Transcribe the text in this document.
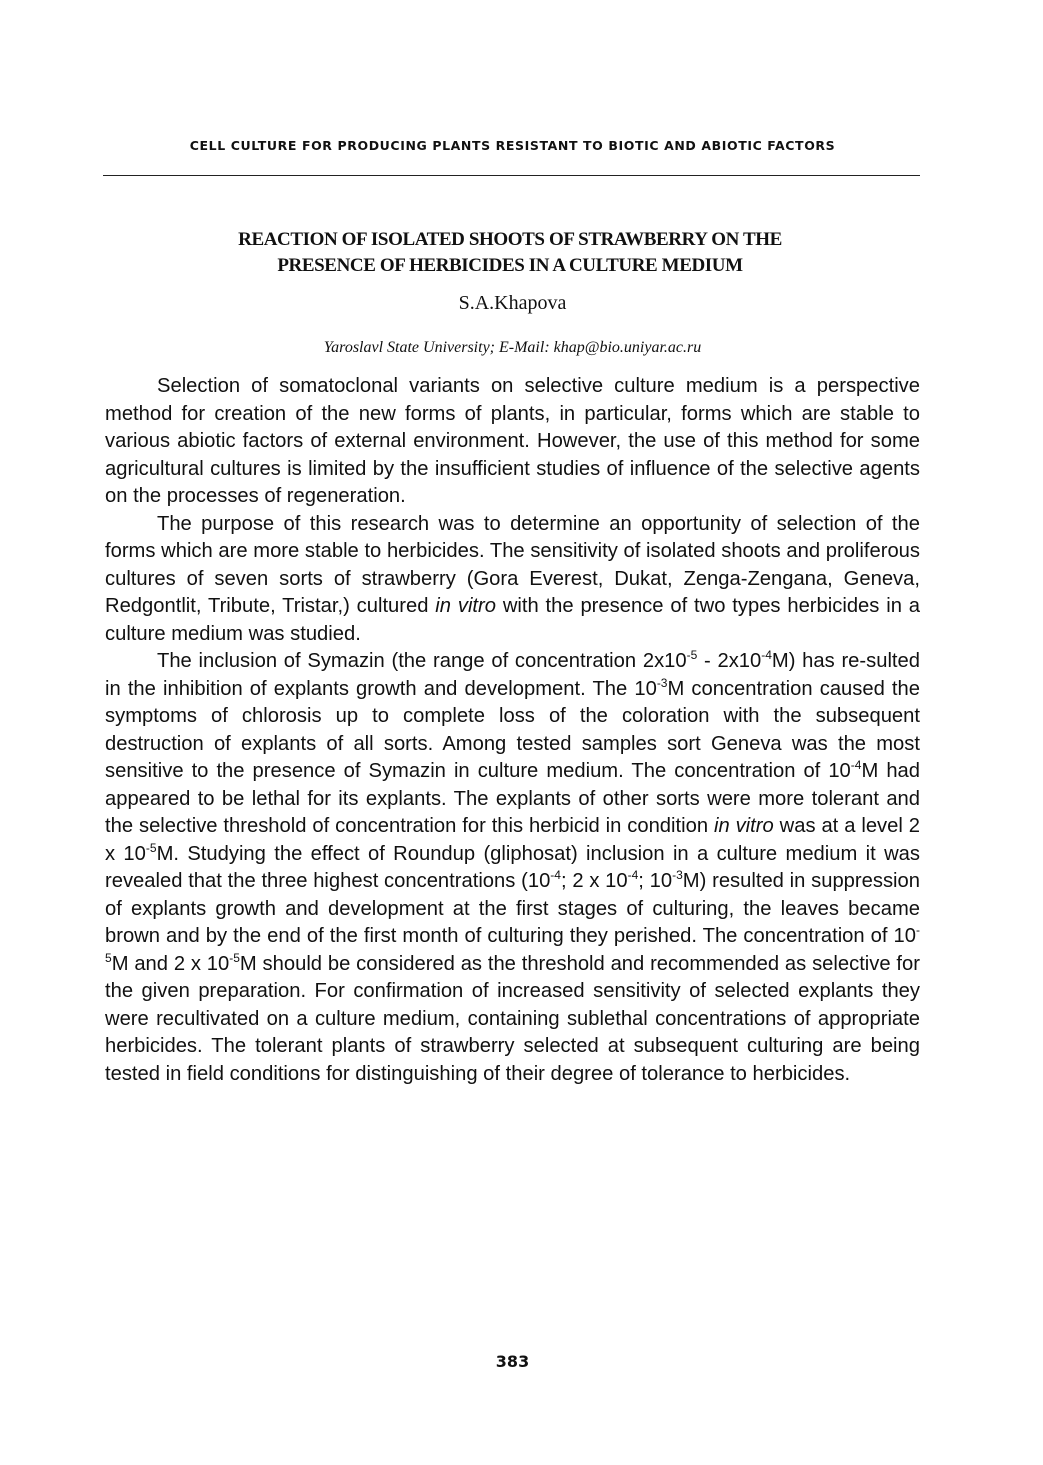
CELL CULTURE FOR PRODUCING PLANTS RESISTANT TO BIOTIC AND ABIOTIC FACTORS
REACTION OF ISOLATED SHOOTS OF STRAWBERRY ON THE
PRESENCE OF HERBICIDES IN A CULTURE MEDIUM
S.A.Khapova
Yaroslavl State University; E-Mail: khap@bio.uniyar.ac.ru

Selection of somatoclonal variants on selective culture medium is a perspective method for creation of the new forms of plants, in particular, forms which are stable to various abiotic factors of external environment. However, the use of this method for some agricultural cultures is limited by the insufficient studies of influence of the selective agents on the processes of regeneration.

The purpose of this research was to determine an opportunity of selection of the forms which are more stable to herbicides. The sensitivity of isolated shoots and proliferous cultures of seven sorts of strawberry (Gora Everest, Dukat, Zenga-Zengana, Geneva, Redgontlit, Tribute, Tristar,) cultured in vitro with the presence of two types herbicides in a culture medium was studied.

The inclusion of Symazin (the range of concentration $2x10^{-5} - 2x10^{-4}M$) has re-sulted in the inhibition of explants growth and development. The $10^{-3}M$ concentration caused the symptoms of chlorosis up to complete loss of the coloration with the subsequent destruction of explants of all sorts. Among tested samples sort Geneva was the most sensitive to the presence of Symazin in culture medium. The concentration of $10^{-4}M$ had appeared to be lethal for its explants. The explants of other sorts were more tolerant and the selective threshold of concentration for this herbicid in condition in vitro was at a level 2 x $10^{-5}M$. Studying the effect of Roundup (gliphosat) inclusion in a culture medium it was revealed that the three highest concentrations ($10^{-4}$; 2 x $10^{-4}$; $10^{-3}M$) resulted in suppression of explants growth and development at the first stages of culturing, the leaves became brown and by the end of the first month of culturing they perished. The concentration of $10^{-5}M$ and 2 x $10^{-5}M$ should be considered as the threshold and recommended as selective for the given preparation. For confirmation of increased sensitivity of selected explants they were recultivated on a culture medium, containing sublethal concentrations of appropriate herbicides. The tolerant plants of strawberry selected at subsequent culturing are being tested in field conditions for distinguishing of their degree of tolerance to herbicides.

383
